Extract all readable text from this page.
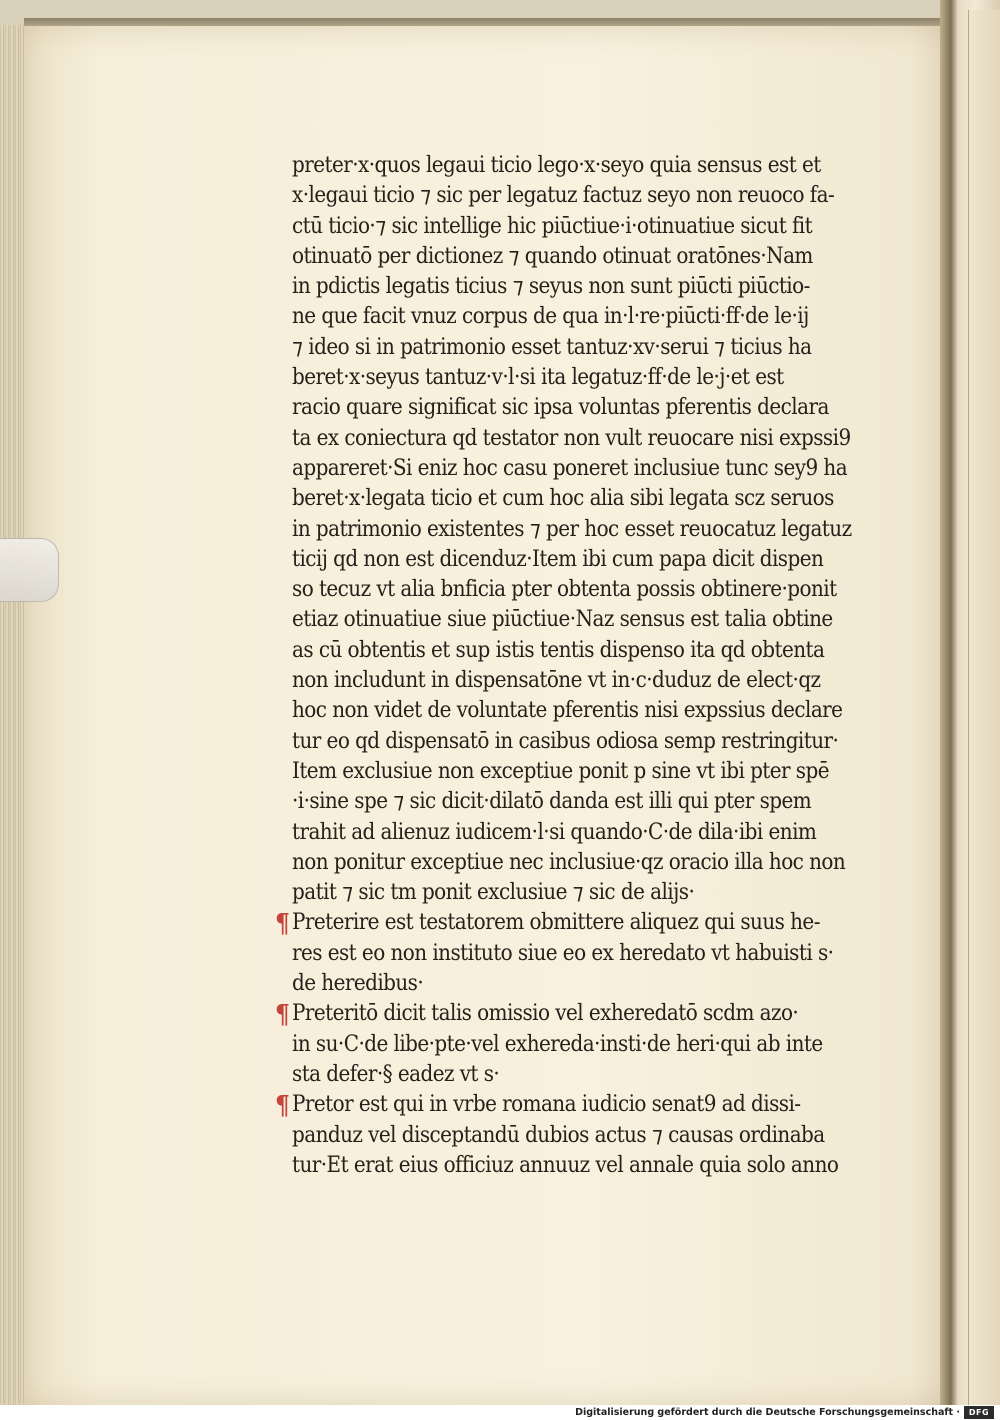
preter·x·quos legaui ticio lego·x·seyo quia sensus est et
x·legaui ticio ⁊ sic per legatuz factuz seyo non reuoco fa-
ctū ticio·⁊ sic intellige hic piūctiue·i·otinuatiue sicut fit
otinuatō per dictionez ⁊ quando otinuat oratōnes·Nam
in pdictis legatis ticius ⁊ seyus non sunt piūcti piūctio-
ne que facit vnuz corpus de qua in·l·re·piūcti·ff·de le·ij
⁊ ideo si in patrimonio esset tantuz·xv·serui ⁊ ticius ha
beret·x·seyus tantuz·v·l·si ita legatuz·ff·de le·j·et est
racio quare significat sic ipsa voluntas pferentis declara
ta ex coniectura qd testator non vult reuocare nisi expssi9
appareret·Si eniz hoc casu poneret inclusiue tunc sey9 ha
beret·x·legata ticio et cum hoc alia sibi legata scz seruos
in patrimonio existentes ⁊ per hoc esset reuocatuz legatuz
ticij qd non est dicenduz·Item ibi cum papa dicit dispen
so tecuz vt alia bnficia pter obtenta possis obtinere·ponit
etiaz otinuatiue siue piūctiue·Naz sensus est talia obtine
as cū obtentis et sup istis tentis dispenso ita qd obtenta
non includunt in dispensatōne vt in·c·duduz de elect·qz
hoc non videt de voluntate pferentis nisi expssius declare
tur eo qd dispensatō in casibus odiosa semp restringitur·
Item exclusiue non exceptiue ponit p sine vt ibi pter spē
·i·sine spe ⁊ sic dicit·dilatō danda est illi qui pter spem
trahit ad alienuz iudicem·l·si quando·C·de dila·ibi enim
non ponitur exceptiue nec inclusiue·qz oracio illa hoc non
patit ⁊ sic tm ponit exclusiue ⁊ sic de alijs·
¶ Preterire est testatorem obmittere aliquez qui suus he-
res est eo non instituto siue eo ex heredato vt habuisti s·
de heredibus·
¶ Preteritō dicit talis omissio vel exheredatō scdm azo·
in su·C·de libe·pte·vel exhereda·insti·de heri·qui ab inte
sta defer·§ eadez vt s·
¶ Pretor est qui in vrbe romana iudicio senat9 ad dissi-
panduz vel disceptandū dubios actus ⁊ causas ordinaba
tur·Et erat eius officiuz annuuz vel annale quia solo anno
Digitalisierung gefördert durch die Deutsche Forschungsgemeinschaft ·	DFG
